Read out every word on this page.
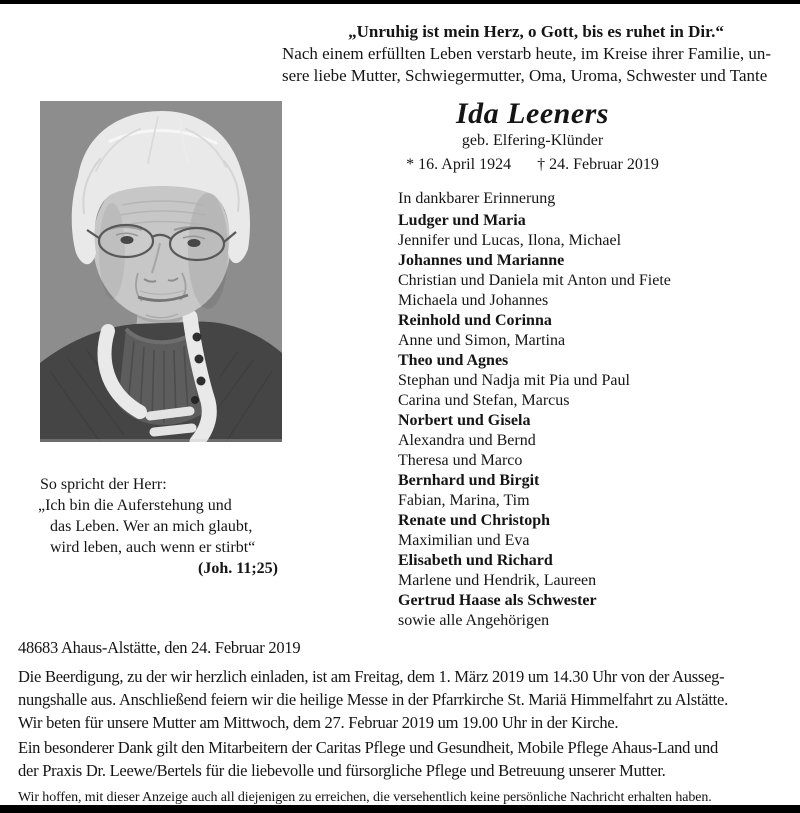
„Unruhig ist mein Herz, o Gott, bis es ruhet in Dir.“
Nach einem erfüllten Leben verstarb heute, im Kreise ihrer Familie, un-
sere liebe Mutter, Schwiegermutter, Oma, Uroma, Schwester und Tante
Ida Leeners
geb. Elfering-Klünder
* 16. April 1924 † 24. Februar 2019
So spricht der Herr:
„Ich bin die Auferstehung und
das Leben. Wer an mich glaubt,
wird leben, auch wenn er stirbt“
(Joh. 11;25)
In dankbarer Erinnerung
Ludger und Maria
Jennifer und Lucas, Ilona, Michael
Johannes und Marianne
Christian und Daniela mit Anton und Fiete
Michaela und Johannes
Reinhold und Corinna
Anne und Simon, Martina
Theo und Agnes
Stephan und Nadja mit Pia und Paul
Carina und Stefan, Marcus
Norbert und Gisela
Alexandra und Bernd
Theresa und Marco
Bernhard und Birgit
Fabian, Marina, Tim
Renate und Christoph
Maximilian und Eva
Elisabeth und Richard
Marlene und Hendrik, Laureen
Gertrud Haase als Schwester
sowie alle Angehörigen
48683 Ahaus-Alstätte, den 24. Februar 2019
Die Beerdigung, zu der wir herzlich einladen, ist am Freitag, dem 1. März 2019 um 14.30 Uhr von der Ausseg-
nungshalle aus. Anschließend feiern wir die heilige Messe in der Pfarrkirche St. Mariä Himmelfahrt zu Alstätte.
Wir beten für unsere Mutter am Mittwoch, dem 27. Februar 2019 um 19.00 Uhr in der Kirche.
Ein besonderer Dank gilt den Mitarbeitern der Caritas Pflege und Gesundheit, Mobile Pflege Ahaus-Land und
der Praxis Dr. Leewe/Bertels für die liebevolle und fürsorgliche Pflege und Betreuung unserer Mutter.
Wir hoffen, mit dieser Anzeige auch all diejenigen zu erreichen, die versehentlich keine persönliche Nachricht erhalten haben.
